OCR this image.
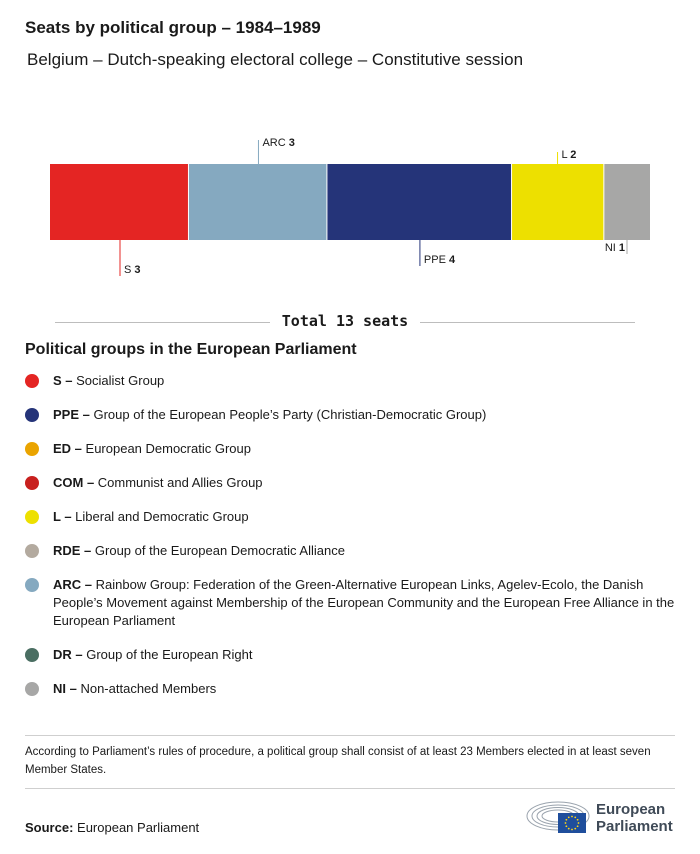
Seats by political group – 1984–1989
Belgium – Dutch-speaking electoral college – Constitutive session
S 3
ARC 3
PPE 4
L 2
NI 1
Total 13 seats
Political groups in the European Parliament
S – Socialist Group
PPE – Group of the European People’s Party (Christian-Democratic Group)
ED – European Democratic Group
COM – Communist and Allies Group
L – Liberal and Democratic Group
RDE – Group of the European Democratic Alliance
ARC – Rainbow Group: Federation of the Green-Alternative European Links, Agelev-Ecolo, the Danish People’s Movement against Membership of the European Community and the European Free Alliance in the European Parliament
DR – Group of the European Right
NI – Non-attached Members
According to Parliament’s rules of procedure, a political group shall consist of at least 23 Members elected in at least seven Member States.
Source: European Parliament
European
Parliament
